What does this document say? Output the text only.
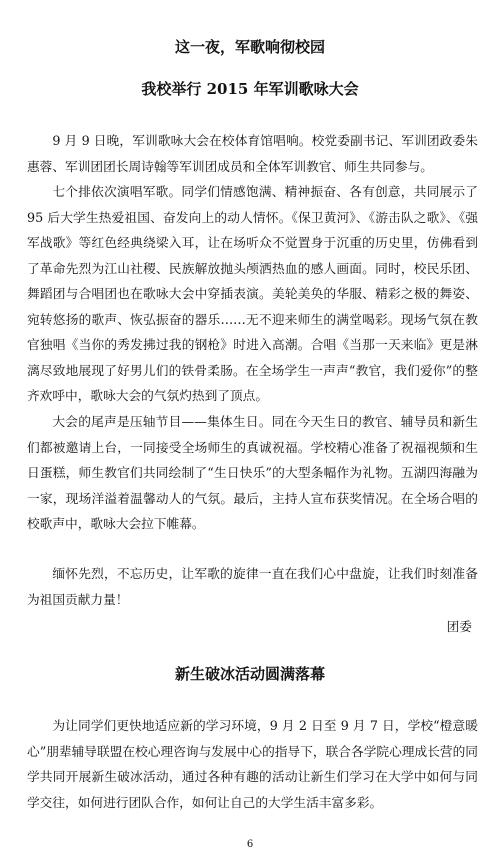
这一夜，军歌响彻校园
我校举行 2015 年军训歌咏大会

9 月 9 日晚，军训歌咏大会在校体育馆唱响。校党委副书记、军训团政委朱惠蓉、军训团团长周诗翰等军训团成员和全体军训教官、师生共同参与。

七个排依次演唱军歌。同学们情感饱满、精神振奋、各有创意，共同展示了 95 后大学生热爱祖国、奋发向上的动人情怀。《保卫黄河》、《游击队之歌》、《强军战歌》等红色经典绕梁入耳，让在场听众不觉置身于沉重的历史里，仿佛看到了革命先烈为江山社稷、民族解放抛头颅洒热血的感人画面。同时，校民乐团、舞蹈团与合唱团也在歌咏大会中穿插表演。美轮美奂的华服、精彩之极的舞姿、宛转悠扬的歌声、恢弘振奋的器乐……无不迎来师生的满堂喝彩。现场气氛在教官独唱《当你的秀发拂过我的钢枪》时进入高潮。合唱《当那一天来临》更是淋漓尽致地展现了好男儿们的铁骨柔肠。在全场学生一声声“教官，我们爱你”的整齐欢呼中，歌咏大会的气氛灼热到了顶点。

大会的尾声是压轴节目——集体生日。同在今天生日的教官、辅导员和新生们都被邀请上台，一同接受全场师生的真诚祝福。学校精心准备了祝福视频和生日蛋糕，师生教官们共同绘制了“生日快乐”的大型条幅作为礼物。五湖四海融为一家，现场洋溢着温馨动人的气氛。最后，主持人宣布获奖情况。在全场合唱的校歌声中，歌咏大会拉下帷幕。

缅怀先烈，不忘历史，让军歌的旋律一直在我们心中盘旋，让我们时刻准备为祖国贡献力量！

团委
新生破冰活动圆满落幕

为让同学们更快地适应新的学习环境，9 月 2 日至 9 月 7 日，学校“橙意暖心”朋辈辅导联盟在校心理咨询与发展中心的指导下，联合各学院心理成长营的同学共同开展新生破冰活动，通过各种有趣的活动让新生们学习在大学中如何与同学交往，如何进行团队合作，如何让自己的大学生活丰富多彩。

6
